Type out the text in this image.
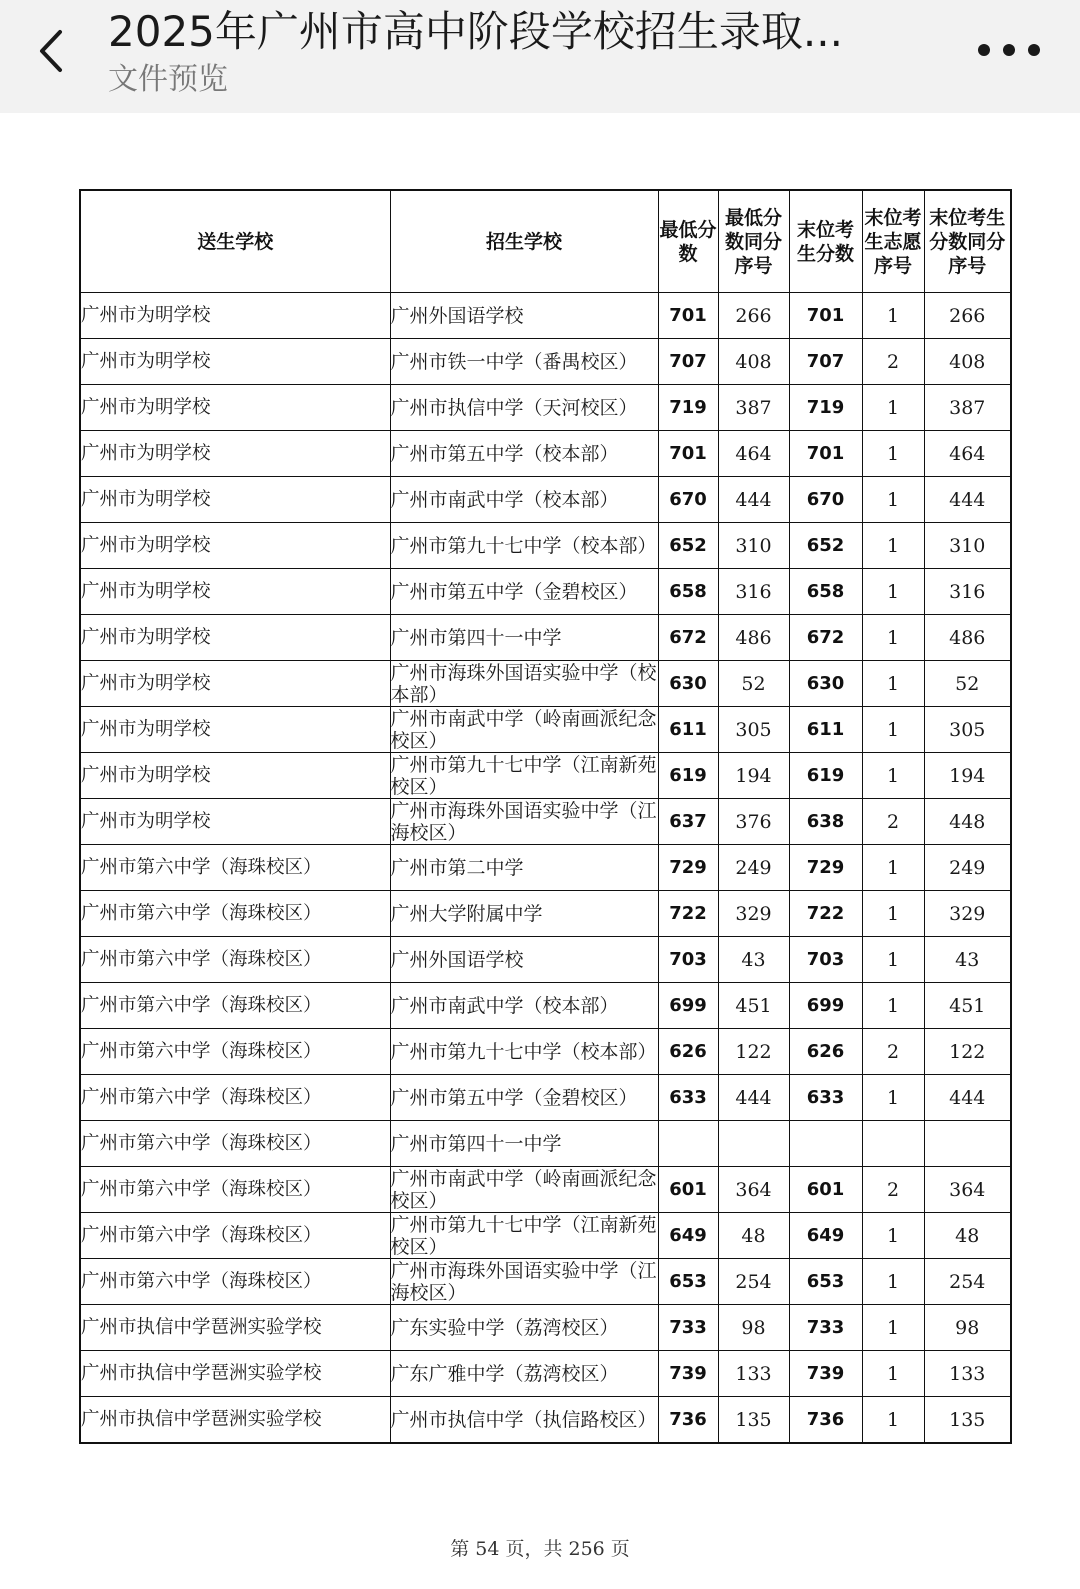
2025年广州市高中阶段学校招生录取...
文件预览
送生学校	招生学校	最低分数	最低分数同分序号	末位考生分数	末位考生志愿序号	末位考生分数同分序号
广州市为明学校	广州外国语学校	701	266	701	1	266
广州市为明学校	广州市铁一中学（番禺校区）	707	408	707	2	408
广州市为明学校	广州市执信中学（天河校区）	719	387	719	1	387
广州市为明学校	广州市第五中学（校本部）	701	464	701	1	464
广州市为明学校	广州市南武中学（校本部）	670	444	670	1	444
广州市为明学校	广州市第九十七中学（校本部）	652	310	652	1	310
广州市为明学校	广州市第五中学（金碧校区）	658	316	658	1	316
广州市为明学校	广州市第四十一中学	672	486	672	1	486
广州市为明学校	广州市海珠外国语实验中学（校本部）	630	52	630	1	52
广州市为明学校	广州市南武中学（岭南画派纪念校区）	611	305	611	1	305
广州市为明学校	广州市第九十七中学（江南新苑校区）	619	194	619	1	194
广州市为明学校	广州市海珠外国语实验中学（江海校区）	637	376	638	2	448
广州市第六中学（海珠校区）	广州市第二中学	729	249	729	1	249
广州市第六中学（海珠校区）	广州大学附属中学	722	329	722	1	329
广州市第六中学（海珠校区）	广州外国语学校	703	43	703	1	43
广州市第六中学（海珠校区）	广州市南武中学（校本部）	699	451	699	1	451
广州市第六中学（海珠校区）	广州市第九十七中学（校本部）	626	122	626	2	122
广州市第六中学（海珠校区）	广州市第五中学（金碧校区）	633	444	633	1	444
广州市第六中学（海珠校区）	广州市第四十一中学					
广州市第六中学（海珠校区）	广州市南武中学（岭南画派纪念校区）	601	364	601	2	364
广州市第六中学（海珠校区）	广州市第九十七中学（江南新苑校区）	649	48	649	1	48
广州市第六中学（海珠校区）	广州市海珠外国语实验中学（江海校区）	653	254	653	1	254
广州市执信中学琶洲实验学校	广东实验中学（荔湾校区）	733	98	733	1	98
广州市执信中学琶洲实验学校	广东广雅中学（荔湾校区）	739	133	739	1	133
广州市执信中学琶洲实验学校	广州市执信中学（执信路校区）	736	135	736	1	135
第 54 页，共 256 页
